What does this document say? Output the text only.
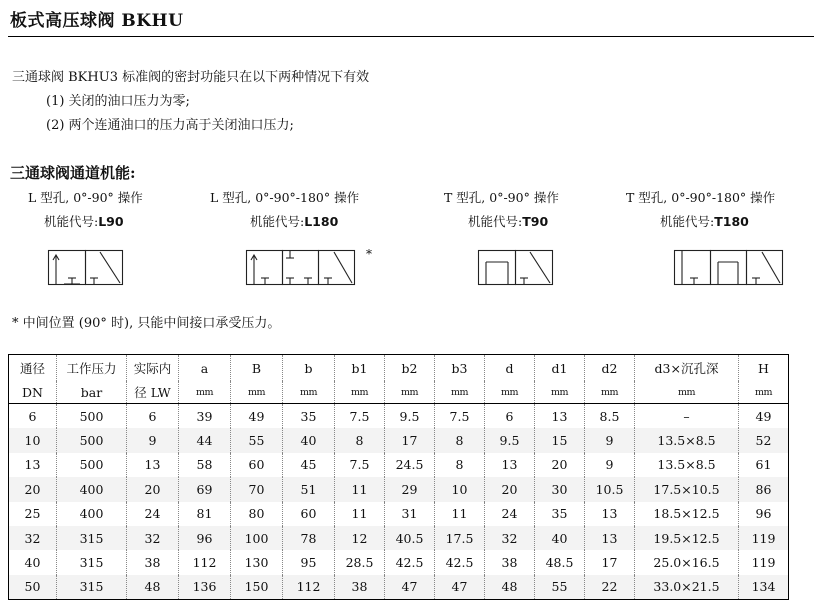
板式高压球阀 BKHU
三通球阀 BKHU3 标准阀的密封功能只在以下两种情况下有效
(1) 关闭的油口压力为零;
(2) 两个连通油口的压力高于关闭油口压力;
三通球阀通道机能:
L 型孔, 0°-90° 操作
机能代号:L90
L 型孔, 0°-90°-180° 操作
机能代号:L180
*
T 型孔, 0°-90° 操作
机能代号:T90
T 型孔, 0°-90°-180° 操作
机能代号:T180
* 中间位置 (90° 时), 只能中间接口承受压力。
通径	工作压力	实际内	a	B	b	b1	b2	b3	d	d1	d2	d3×沉孔深	H
DN	bar	径 LW	mm	mm	mm	mm	mm	mm	mm	mm	mm	mm	mm
6	500	6	39	49	35	7.5	9.5	7.5	6	13	8.5	–	49
10	500	9	44	55	40	8	17	8	9.5	15	9	13.5×8.5	52
13	500	13	58	60	45	7.5	24.5	8	13	20	9	13.5×8.5	61
20	400	20	69	70	51	11	29	10	20	30	10.5	17.5×10.5	86
25	400	24	81	80	60	11	31	11	24	35	13	18.5×12.5	96
32	315	32	96	100	78	12	40.5	17.5	32	40	13	19.5×12.5	119
40	315	38	112	130	95	28.5	42.5	42.5	38	48.5	17	25.0×16.5	119
50	315	48	136	150	112	38	47	47	48	55	22	33.0×21.5	134
